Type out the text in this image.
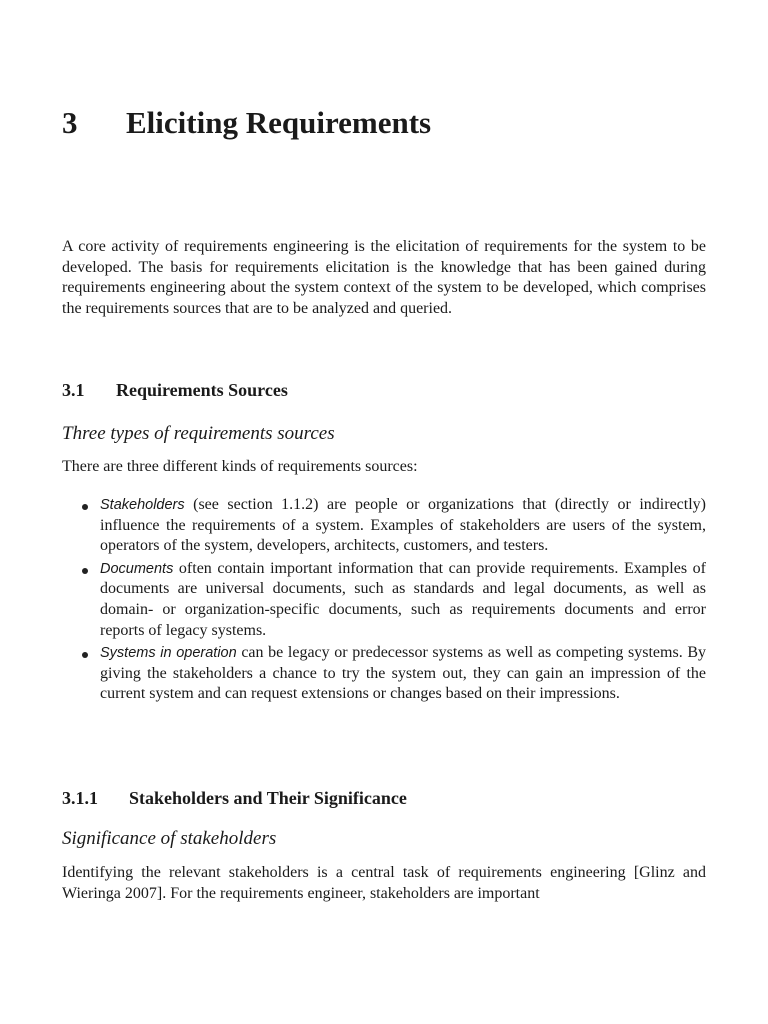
3 Eliciting Requirements

A core activity of requirements engineering is the elicitation of requirements for the system to be developed. The basis for requirements elicitation is the knowledge that has been gained during requirements engineering about the system context of the system to be developed, which comprises the requirements sources that are to be analyzed and queried.

3.1 Requirements Sources

Three types of requirements sources

There are three different kinds of requirements sources:

Stakeholders (see section 1.1.2) are people or organizations that (directly or indirectly) influence the requirements of a system. Examples of stakeholders are users of the system, operators of the system, developers, architects, customers, and testers.
Documents often contain important information that can provide requirements. Examples of documents are universal documents, such as standards and legal documents, as well as domain- or organization-specific documents, such as requirements documents and error reports of legacy systems.
Systems in operation can be legacy or predecessor systems as well as competing systems. By giving the stakeholders a chance to try the system out, they can gain an impression of the current system and can request extensions or changes based on their impressions.
3.1.1 Stakeholders and Their Significance

Significance of stakeholders

Identifying the relevant stakeholders is a central task of requirements engineering [Glinz and Wieringa 2007]. For the requirements engineer, stakeholders are important
